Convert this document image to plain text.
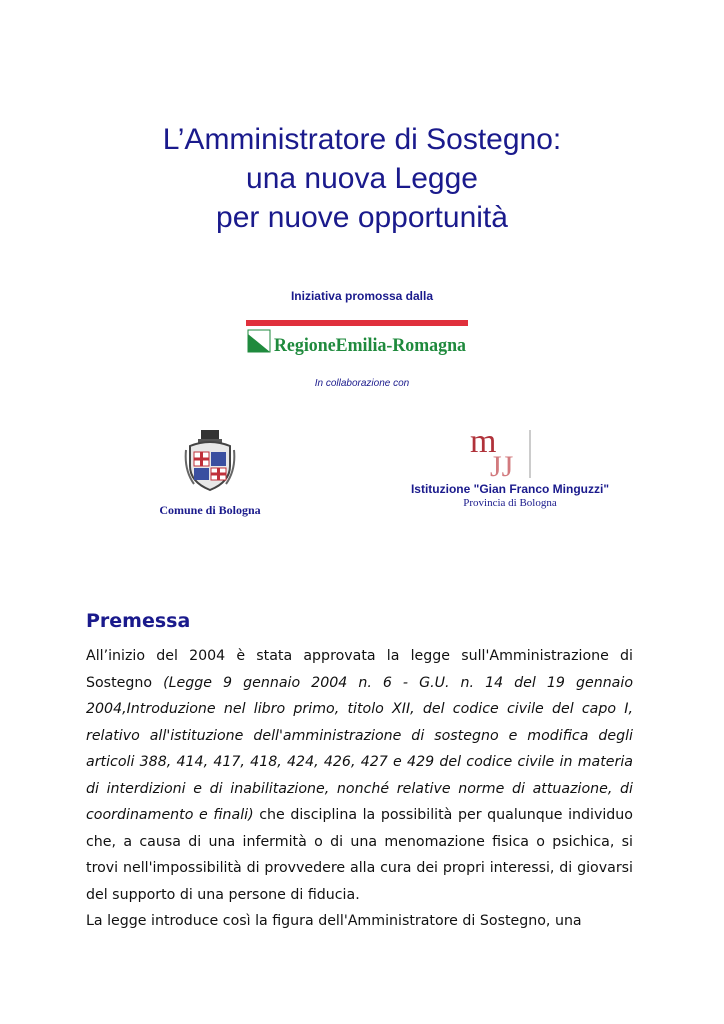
L’Amministratore di Sostegno:
una nuova Legge
per nuove opportunità
Iniziativa promossa dalla
RegioneEmilia-Romagna
In collaborazione con
Comune di Bologna
m
JJ
Istituzione "Gian Franco Minguzzi"
Provincia di Bologna
Premessa

All’inizio del 2004 è stata approvata la legge sull'Amministrazione di Sostegno (Legge 9 gennaio 2004 n. 6 - G.U. n. 14 del 19 gennaio 2004,Introduzione nel libro primo, titolo XII, del codice civile del capo I, relativo all'istituzione dell'amministrazione di sostegno e modifica degli articoli 388, 414, 417, 418, 424, 426, 427 e 429 del codice civile in materia di interdizioni e di inabilitazione, nonché relative norme di attuazione, di coordinamento e finali) che disciplina la possibilità per qualunque individuo che, a causa di una infermità o di una menomazione fisica o psichica, si trovi nell'impossibilità di provvedere alla cura dei propri interessi, di giovarsi del supporto di una persone di fiducia.

La legge introduce così la figura dell'Amministratore di Sostegno, una
